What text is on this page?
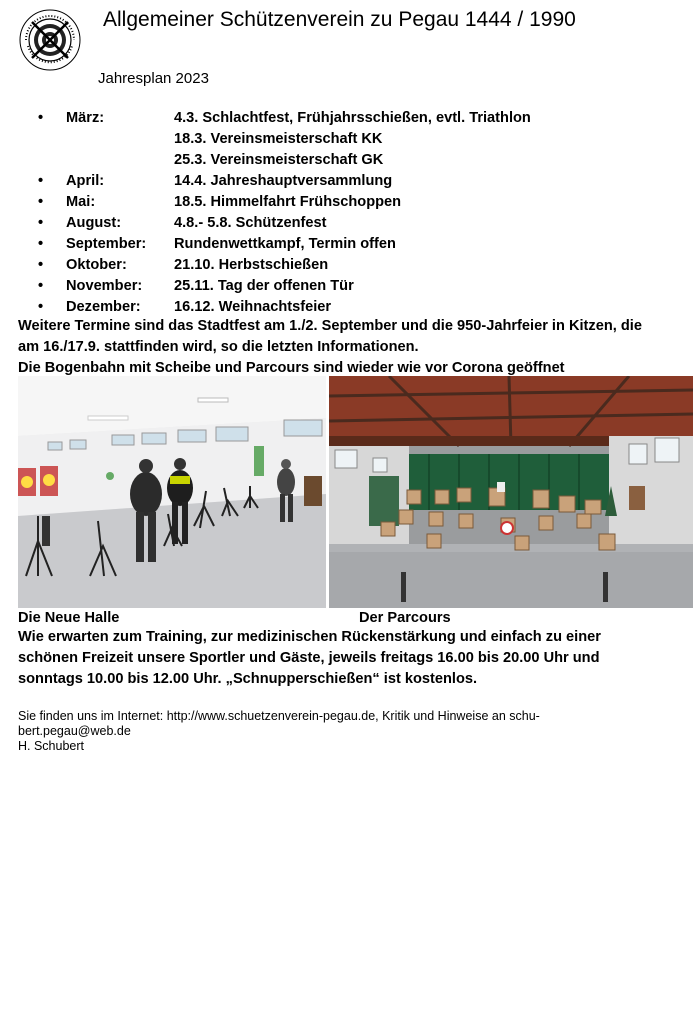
Allgemeiner Schützenverein zu Pegau 1444 / 1990
Jahresplan 2023
• März:	4.3. Schlachtfest, Frühjahrsschießen, evtl. Triathlon
18.3. Vereinsmeisterschaft KK
25.3. Vereinsmeisterschaft GK
• April:	14.4. Jahreshauptversammlung
• Mai:	18.5. Himmelfahrt Frühschoppen
• August:	4.8.- 5.8. Schützenfest
• September: Rundenwettkampf, Termin offen
• Oktober:	21.10. Herbstschießen
• November: 25.11. Tag der offenen Tür
• Dezember: 16.12. Weihnachtsfeier
Weitere Termine sind das Stadtfest am 1./2. September und die 950-Jahrfeier in Kitzen, die
am 16./17.9. stattfinden wird, so die letzten Informationen.
Die Bogenbahn mit Scheibe und Parcours sind wieder wie vor Corona geöffnet
Die Neue Halle	Der Parcours
Wie erwarten zum Training, zur medizinischen Rückenstärkung und einfach zu einer
schönen Freizeit unsere Sportler und Gäste, jeweils freitags 16.00 bis 20.00 Uhr und
sonntags 10.00 bis 12.00 Uhr. „Schnupperschießen“ ist kostenlos.
Sie finden uns im Internet: http://www.schuetzenverein-pegau.de, Kritik und Hinweise an schu-
bert.pegau@web.de
H. Schubert
